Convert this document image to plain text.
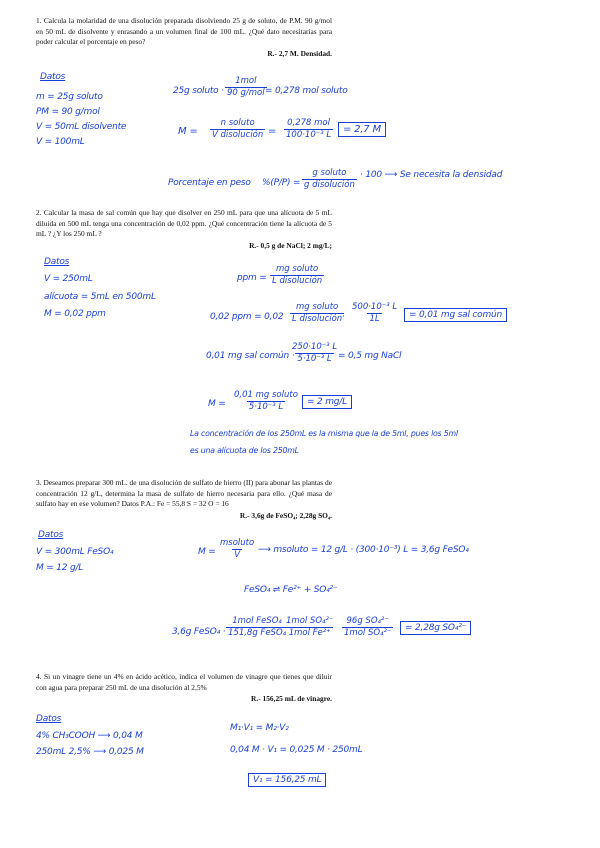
1. Calcula la molaridad de una disolución preparada disolviendo 25 g de soluto, de P.M. 90 g/mol en 50 mL de disolvente y enrasando a un volumen final de 100 mL. ¿Qué dato necesitarías para poder calcular el porcentaje en peso?
R.- 2,7 M. Densidad.
Datos
m = 25g soluto
PM = 90 g/mol
V = 50mL disolvente
V = 100mL
25g soluto ·
1mol
90 g/mol = 0,278 mol soluto
M =
n soluto
V disolución =
0,278 mol
100·10⁻³ L	= 2,7 M
Porcentaje en peso %(P/P) =
g soluto
g disolución
· 100 ⟶ Se necesita la densidad
2. Calcular la masa de sal común que hay que disolver en 250 mL para que una alícuota de 5 mL diluida en 500 mL tenga una concentración de 0,02 ppm. ¿Qué concentración tiene la alícuota de 5 mL ? ¿Y los 250 mL ?
R.- 0,5 g de NaCl; 2 mg/L;
Datos
V = 250mL
alícuota = 5mL en 500mL
M = 0,02 ppm
ppm =
mg soluto
L disolución
0,02 ppm = 0,02
mg soluto
L disolución · $\frac{\text{500·10⁻³ L}}{1L}$	= 0,01 mg sal común
0,01 mg sal común ·
$\frac{\text{250·10⁻³ L}}{\text{5·10⁻³ L}}$
= 0,5 mg NaCl
M =
0,01 mg soluto
5·10⁻³ L	= 2 mg/L
La concentración de los 250mL es la misma que la de 5ml, pues los 5ml
es una alícuota de los 250mL
3. Deseamos preparar 300 mL. de una disolución de sulfato de hierro (II) para abonar las plantas de concentración 12 g/L, determina la masa de sulfato de hierro necesaria para ello. ¿Qué masa de sulfato hay en ese volumen? Datos P.A.: Fe = 55,8 S = 32 O = 16
R.- 3,6g de FeSO₄; 2,28g SO₄.
Datos
V = 300mL FeSO₄
M = 12 g/L
M =
msoluto
V ⟶ msoluto = 12 g/L · (300·10⁻³) L = 3,6g FeSO₄
FeSO₄ ⇌ Fe²⁺ + SO₄²⁻
3,6g FeSO₄ ·
1mol FeSO₄
151,8g FeSO₄
1mol SO₄²⁻
1mol Fe²⁺
96g SO₄²⁻
1mol SO₄²⁻	= 2,28g SO₄²⁻
4. Si un vinagre tiene un 4% en ácido acético, indica el volumen de vinagre que tienes que diluir con agua para preparar 250 mL de una disolución al 2,5%
R.- 156,25 mL de vinagre.
Datos
4% CH₃COOH ⟶ 0,04 M
250mL 2,5% ⟶ 0,025 M
M₁·V₁ = M₂·V₂
0,04 M · V₁ = 0,025 M · 250mL
V₁ = 156,25 mL
